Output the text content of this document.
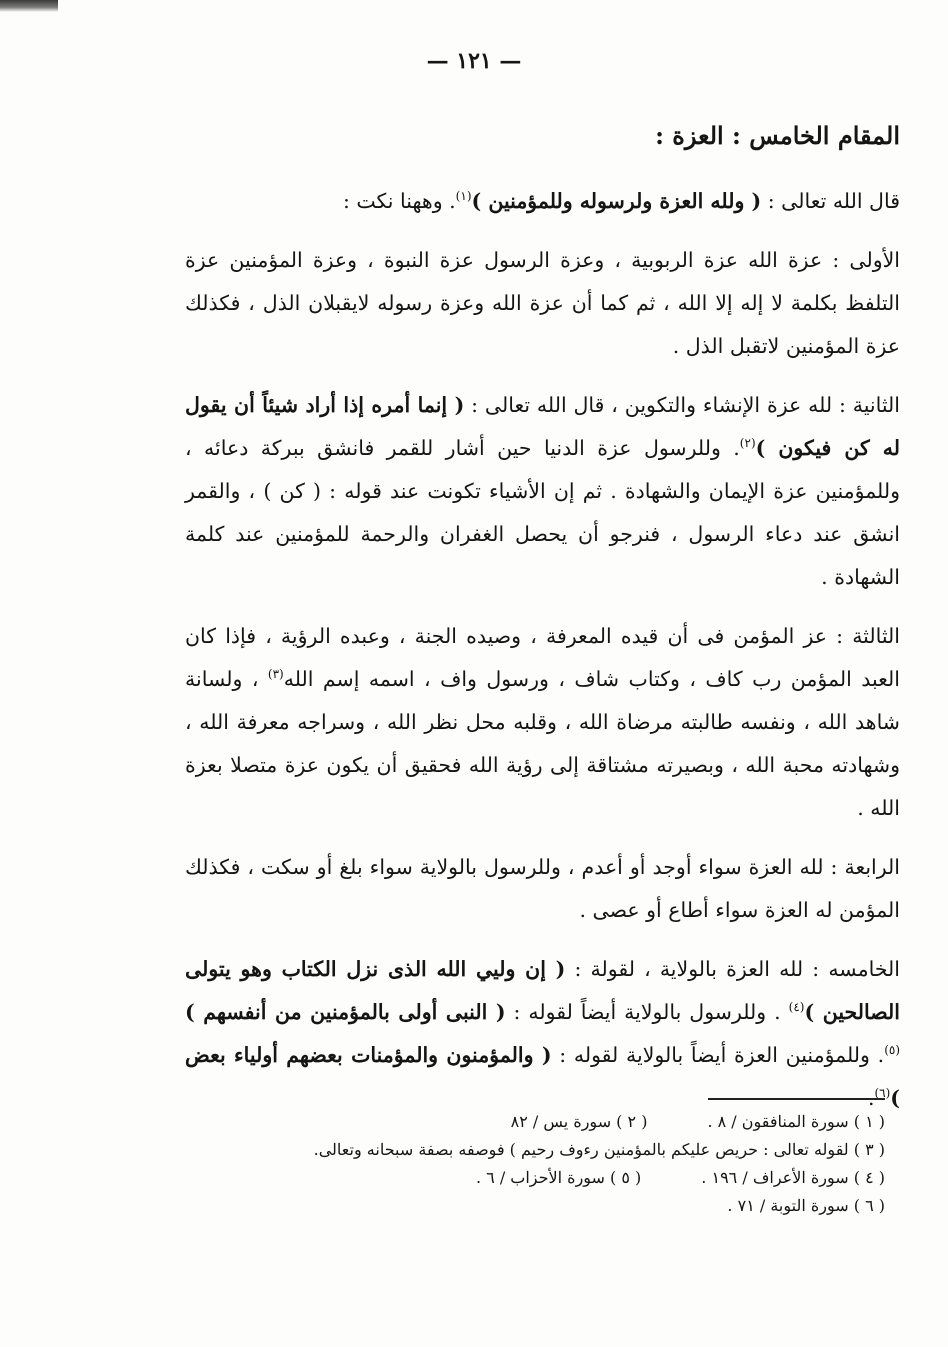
— ١٢١ —
المقام الخامس : العزة :

قال الله تعالى : ( ولله العزة ولرسوله وللمؤمنين )$^{(١)}$. وههنا نكت :

الأولى : عزة الله عزة الربوبية ، وعزة الرسول عزة النبوة ، وعزة المؤمنين عزة التلفظ بكلمة لا إله إلا الله ، ثم كما أن عزة الله وعزة رسوله لايقبلان الذل ، فكذلك عزة المؤمنين لاتقبل الذل .

الثانية : لله عزة الإنشاء والتكوين ، قال الله تعالى : ( إنما أمره إذا أراد شيئاً أن يقول له كن فيكون )$^{(٢)}$. وللرسول عزة الدنيا حين أشار للقمر فانشق ببركة دعائه ، وللمؤمنين عزة الإيمان والشهادة . ثم إن الأشياء تكونت عند قوله : ( كن ) ، والقمر انشق عند دعاء الرسول ، فنرجو أن يحصل الغفران والرحمة للمؤمنين عند كلمة الشهادة .

الثالثة : عز المؤمن فى أن قيده المعرفة ، وصيده الجنة ، وعبده الرؤية ، فإذا كان العبد المؤمن رب كاف ، وكتاب شاف ، ورسول واف ، اسمه إسم الله$^{(٣)}$ ، ولسانة شاهد الله ، ونفسه طالبته مرضاة الله ، وقلبه محل نظر الله ، وسراجه معرفة الله ، وشهادته محبة الله ، وبصيرته مشتاقة إلى رؤية الله فحقيق أن يكون عزة متصلا بعزة الله .

الرابعة : لله العزة سواء أوجد أو أعدم ، وللرسول بالولاية سواء بلغ أو سكت ، فكذلك المؤمن له العزة سواء أطاع أو عصى .

الخامسه : لله العزة بالولاية ، لقولة : ( إن وليي الله الذى نزل الكتاب وهو يتولى الصالحين )$^{(٤)}$ . وللرسول بالولاية أيضاً لقوله : ( النبى أولى بالمؤمنين من أنفسهم )$^{(٥)}$. وللمؤمنين العزة أيضاً بالولاية لقوله : ( والمؤمنون والمؤمنات بعضهم أولياء بعض )$^{(٦)}$.

( ١ ) سورة المنافقون / ٨ .
( ٢ ) سورة يس / ٨٢
( ٣ ) لقوله تعالى : حريص عليكم بالمؤمنين رءوف رحيم ) فوصفه بصفة سبحانه وتعالى.
( ٤ ) سورة الأعراف / ١٩٦ .
( ٥ ) سورة الأحزاب / ٦ .
( ٦ ) سورة التوبة / ٧١ .
